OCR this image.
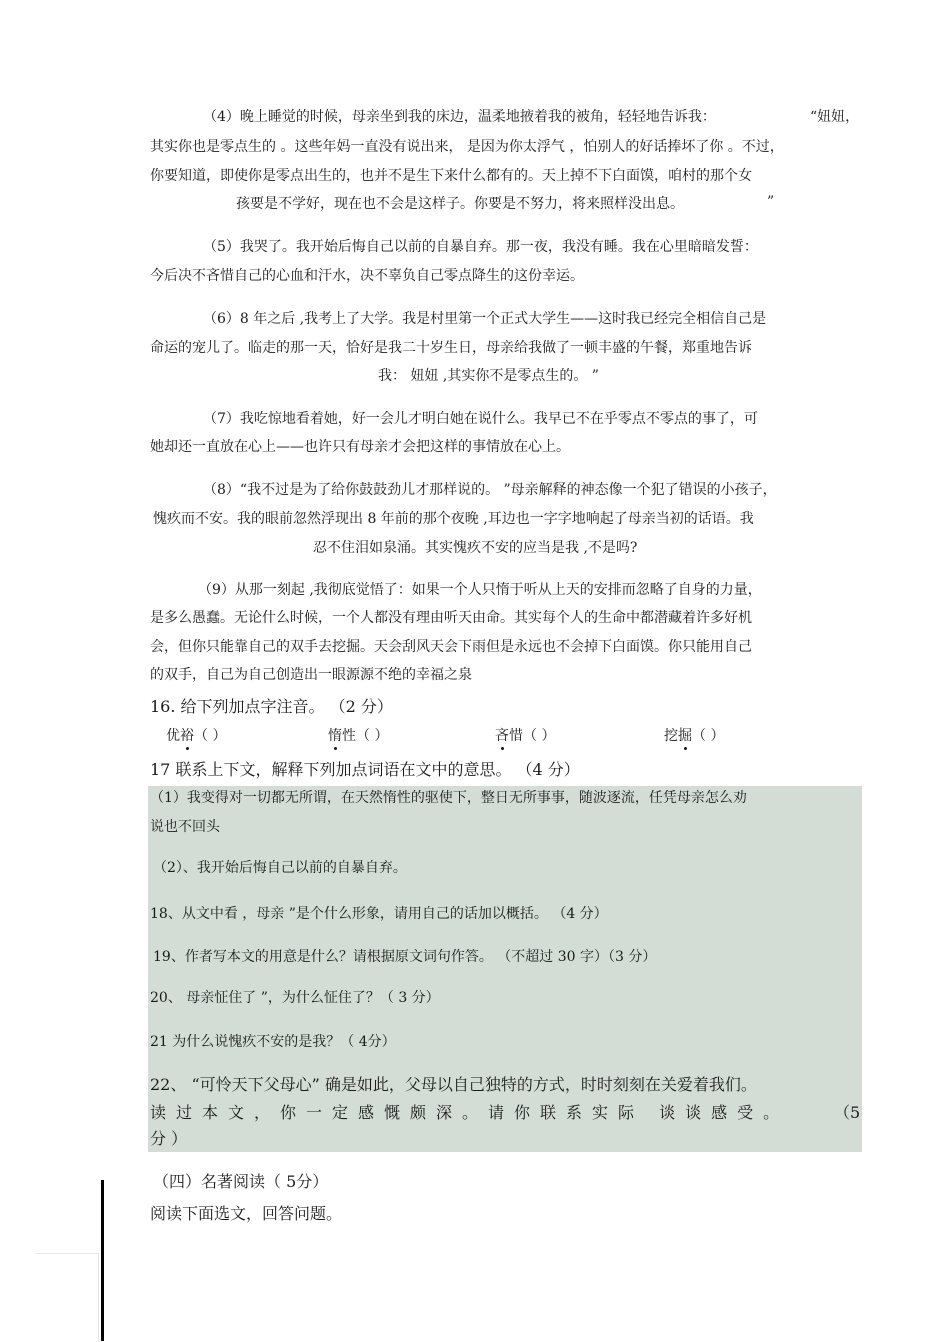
（4）晚上睡觉的时候，母亲坐到我的床边，温柔地掖着我的被角，轻轻地告诉我：	“妞妞，
其实你也是零点生的 。这些年妈一直没有说出来， 是因为你太浮气 ，怕别人的好话捧坏了你 。不过，
你要知道，即使你是零点出生的，也并不是生下来什么都有的。天上掉不下白面馍，咱村的那个女
孩要是不学好，现在也不会是这样子。你要是不努力，将来照样没出息。	”
（5）我哭了。我开始后悔自己以前的自暴自弃。那一夜，我没有睡。我在心里暗暗发誓：
今后决不吝惜自己的心血和汗水，决不辜负自己零点降生的这份幸运。
（6）8 年之后 ,我考上了大学。我是村里第一个正式大学生——这时我已经完全相信自己是
命运的宠儿了。临走的那一天，恰好是我二十岁生日，母亲给我做了一顿丰盛的午餐，郑重地告诉
我： 妞妞 ,其实你不是零点生的。 ”
（7）我吃惊地看着她，好一会儿才明白她在说什么。我早已不在乎零点不零点的事了，可
她却还一直放在心上——也许只有母亲才会把这样的事情放在心上。
（8）“我不过是为了给你鼓鼓劲儿才那样说的。 ”母亲解释的神态像一个犯了错误的小孩子，
愧疚而不安。我的眼前忽然浮现出 8 年前的那个夜晚 ,耳边也一字字地响起了母亲当初的话语。我
忍不住泪如泉涌。其实愧疚不安的应当是我 ,不是吗?
（9）从那一刻起 ,我彻底觉悟了：如果一个人只惰于听从上天的安排而忽略了自身的力量，
是多么愚蠢。无论什么时候，一个人都没有理由听天由命。其实每个人的生命中都潜藏着许多好机
会，但你只能靠自己的双手去挖掘。天会刮风天会下雨但是永远也不会掉下白面馍。你只能用自己
的双手，自己为自己创造出一眼源源不绝的幸福之泉
16. 给下列加点字注音。 （2 分）
优裕（ ）	惰性（ ）	吝惜（ ）	挖掘（ ）
17 联系上下文，解释下列加点词语在文中的意思。 （4 分）
（1）我变得对一切都无所谓，在天然惰性的驱使下，整日无所事事，随波逐流，任凭母亲怎么劝
说也不回头
（2）、我开始后悔自己以前的自暴自弃。
18、从文中看 ，母亲 ”是个什么形象，请用自己的话加以概括。 （4 分）
19、作者写本文的用意是什么？请根据原文词句作答。 （不超过 30 字）（3 分）
20、 母亲怔住了 ”，为什么怔住了？（ 3 分）
21 为什么说愧疚不安的是我？（ 4分）
22、 “可怜天下父母心” 确是如此，父母以自己独特的方式，时时刻刻在关爱着我们。
读过本文，你一定感慨颇深。请你联系实际 谈谈感受。	（5
分 ）
（四）名著阅读（ 5分）
阅读下面选文，回答问题。
